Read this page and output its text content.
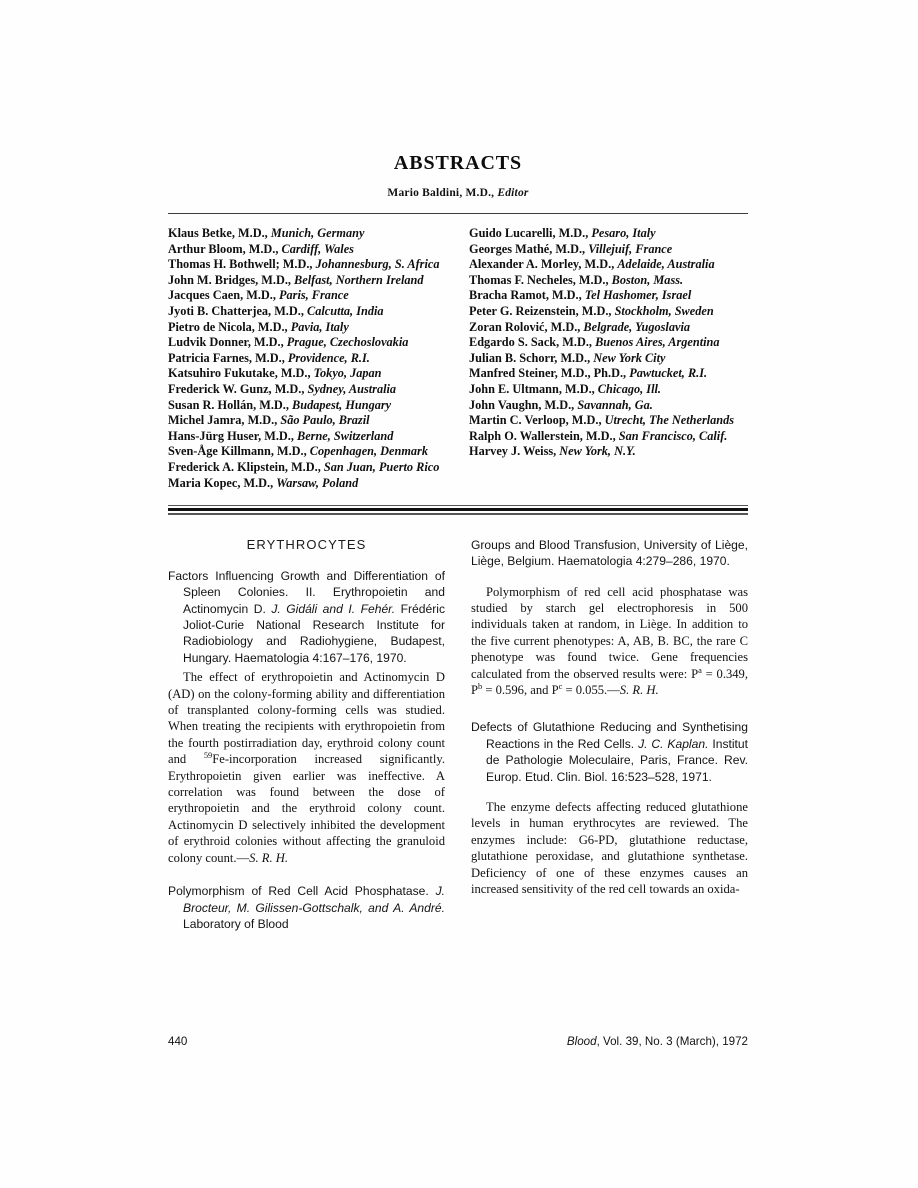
ABSTRACTS
Mario Baldini, M.D., Editor

Klaus Betke, M.D., Munich, Germany

Arthur Bloom, M.D., Cardiff, Wales

Thomas H. Bothwell; M.D., Johannesburg, S. Africa

John M. Bridges, M.D., Belfast, Northern Ireland

Jacques Caen, M.D., Paris, France

Jyoti B. Chatterjea, M.D., Calcutta, India

Pietro de Nicola, M.D., Pavia, Italy

Ludvik Donner, M.D., Prague, Czechoslovakia

Patricia Farnes, M.D., Providence, R.I.

Katsuhiro Fukutake, M.D., Tokyo, Japan

Frederick W. Gunz, M.D., Sydney, Australia

Susan R. Hollán, M.D., Budapest, Hungary

Michel Jamra, M.D., São Paulo, Brazil

Hans-Jürg Huser, M.D., Berne, Switzerland

Sven-Åge Killmann, M.D., Copenhagen, Denmark

Frederick A. Klipstein, M.D., San Juan, Puerto Rico

Maria Kopec, M.D., Warsaw, Poland

Guido Lucarelli, M.D., Pesaro, Italy

Georges Mathé, M.D., Villejuif, France

Alexander A. Morley, M.D., Adelaide, Australia

Thomas F. Necheles, M.D., Boston, Mass.

Bracha Ramot, M.D., Tel Hashomer, Israel

Peter G. Reizenstein, M.D., Stockholm, Sweden

Zoran Rolović, M.D., Belgrade, Yugoslavia

Edgardo S. Sack, M.D., Buenos Aires, Argentina

Julian B. Schorr, M.D., New York City

Manfred Steiner, M.D., Ph.D., Pawtucket, R.I.

John E. Ultmann, M.D., Chicago, Ill.

John Vaughn, M.D., Savannah, Ga.

Martin C. Verloop, M.D., Utrecht, The Netherlands

Ralph O. Wallerstein, M.D., San Francisco, Calif.

Harvey J. Weiss, New York, N.Y.

ERYTHROCYTES

Factors Influencing Growth and Differentiation of Spleen Colonies. II. Erythropoietin and Actinomycin D. J. Gidáli and I. Fehér. Frédéric Joliot-Curie National Research Institute for Radiobiology and Radiohygiene, Budapest, Hungary. Haematologia 4:167–176, 1970.

The effect of erythropoietin and Actinomycin D (AD) on the colony-forming ability and differentiation of transplanted colony-forming cells was studied. When treating the recipients with erythropoietin from the fourth postirradiation day, erythroid colony count and $^{59}$Fe-incorporation increased significantly. Erythropoietin given earlier was ineffective. A correlation was found between the dose of erythropoietin and the erythroid colony count. Actinomycin D selectively inhibited the development of erythroid colonies without affecting the granuloid colony count.—S. R. H.

Polymorphism of Red Cell Acid Phosphatase. J. Brocteur, M. Gilissen-Gottschalk, and A. André. Laboratory of Blood

Groups and Blood Transfusion, University of Liège, Liège, Belgium. Haematologia 4:279–286, 1970.

Polymorphism of red cell acid phosphatase was studied by starch gel electrophoresis in 500 individuals taken at random, in Liège. In addition to the five current phenotypes: A, AB, B. BC, the rare C phenotype was found twice. Gene frequencies calculated from the observed results were: $P^a = 0.349$, $P^b = 0.596$, and $P^c$ = 0.055.—S. R. H.

Defects of Glutathione Reducing and Synthetising Reactions in the Red Cells. J. C. Kaplan. Institut de Pathologie Moleculaire, Paris, France. Rev. Europ. Etud. Clin. Biol. 16:523–528, 1971.

The enzyme defects affecting reduced glutathione levels in human erythrocytes are reviewed. The enzymes include: G6-PD, glutathione reductase, glutathione peroxidase, and glutathione synthetase. Deficiency of one of these enzymes causes an increased sensitivity of the red cell towards an oxida-

440	Blood, Vol. 39, No. 3 (March), 1972
